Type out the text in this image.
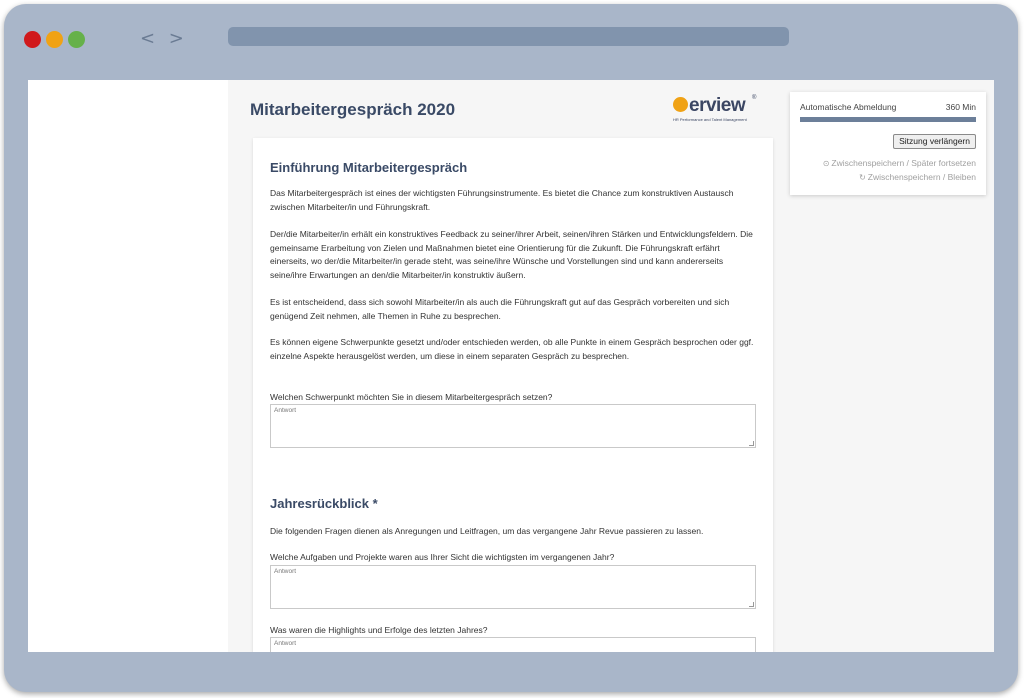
< >
Mitarbeitergespräch 2020	erview ®
HR Performance and Talent Management
Einführung Mitarbeitergespräch
Das Mitarbeitergespräch ist eines der wichtigsten Führungsinstrumente. Es bietet die Chance zum konstruktiven Austausch zwischen Mitarbeiter/in und Führungskraft.
Der/die Mitarbeiter/in erhält ein konstruktives Feedback zu seiner/ihrer Arbeit, seinen/ihren Stärken und Entwicklungsfeldern. Die gemeinsame Erarbeitung von Zielen und Maßnahmen bietet eine Orientierung für die Zukunft. Die Führungskraft erfährt einerseits, wo der/die Mitarbeiter/in gerade steht, was seine/ihre Wünsche und Vorstellungen sind und kann andererseits seine/ihre Erwartungen an den/die Mitarbeiter/in konstruktiv äußern.
Es ist entscheidend, dass sich sowohl Mitarbeiter/in als auch die Führungskraft gut auf das Gespräch vorbereiten und sich genügend Zeit nehmen, alle Themen in Ruhe zu besprechen.
Es können eigene Schwerpunkte gesetzt und/oder entschieden werden, ob alle Punkte in einem Gespräch besprochen oder ggf. einzelne Aspekte herausgelöst werden, um diese in einem separaten Gespräch zu besprechen.
Welchen Schwerpunkt möchten Sie in diesem Mitarbeitergespräch setzen?
Antwort
Jahresrückblick *
Die folgenden Fragen dienen als Anregungen und Leitfragen, um das vergangene Jahr Revue passieren zu lassen.
Welche Aufgaben und Projekte waren aus Ihrer Sicht die wichtigsten im vergangenen Jahr?
Antwort
Was waren die Highlights und Erfolge des letzten Jahres?
Antwort
Automatische Abmeldung	360 Min
Sitzung verlängern
⊙ Zwischenspeichern / Später fortsetzen
↻ Zwischenspeichern / Bleiben
